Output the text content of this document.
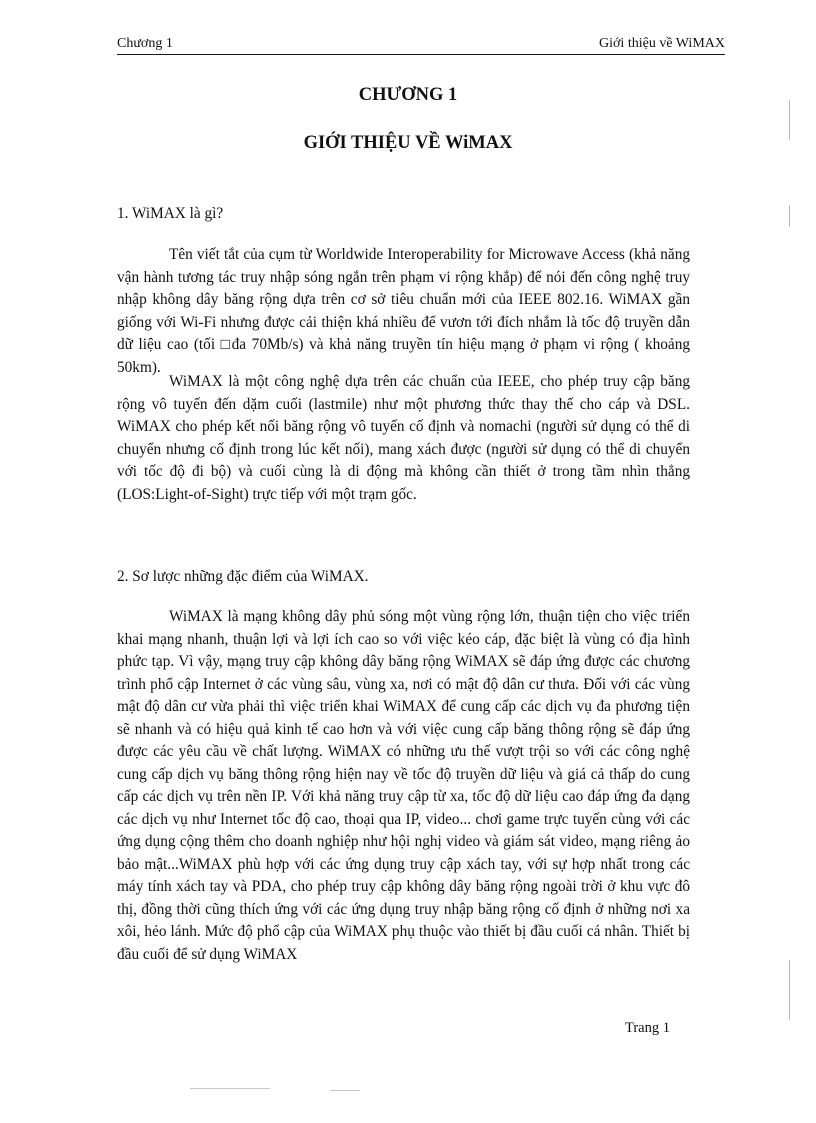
Chương 1	Giới thiệu về WiMAX
CHƯƠNG 1
GIỚI THIỆU VỀ WiMAX
1. WiMAX là gì?
Tên viết tắt của cụm từ Worldwide Interoperability for Microwave Access (khả năng vận hành tương tác truy nhập sóng ngắn trên phạm vi rộng khắp) để nói đến công nghệ truy nhập không dây băng rộng dựa trên cơ sở tiêu chuẩn mới của IEEE 802.16. WiMAX gần giống với Wi-Fi nhưng được cải thiện khá nhiều để vươn tới đích nhắm là tốc độ truyền dẫn dữ liệu cao (tối □đa 70Mb/s) và khả năng truyền tín hiệu mạng ở phạm vi rộng ( khoảng 50km).
WiMAX là một công nghệ dựa trên các chuẩn của IEEE, cho phép truy cập băng rộng vô tuyến đến dặm cuối (lastmile) như một phương thức thay thế cho cáp và DSL. WiMAX cho phép kết nối băng rộng vô tuyến cố định và nomachi (người sử dụng có thể di chuyển nhưng cố định trong lúc kết nối), mang xách được (người sử dụng có thể di chuyển với tốc độ đi bộ) và cuối cùng là di động mà không cần thiết ở trong tầm nhìn thẳng (LOS:Light-of-Sight) trực tiếp với một trạm gốc.
2. Sơ lược những đặc điểm của WiMAX.
WiMAX là mạng không dây phủ sóng một vùng rộng lớn, thuận tiện cho việc triển khai mạng nhanh, thuận lợi và lợi ích cao so với việc kéo cáp, đặc biệt là vùng có địa hình phức tạp. Vì vậy, mạng truy cập không dây băng rộng WiMAX sẽ đáp ứng được các chương trình phổ cập Internet ở các vùng sâu, vùng xa, nơi có mật độ dân cư thưa. Đối với các vùng mật độ dân cư vừa phải thì việc triển khai WiMAX để cung cấp các dịch vụ đa phương tiện sẽ nhanh và có hiệu quả kinh tế cao hơn và với việc cung cấp băng thông rộng sẽ đáp ứng được các yêu cầu về chất lượng. WiMAX có những ưu thế vượt trội so với các công nghệ cung cấp dịch vụ băng thông rộng hiện nay về tốc độ truyền dữ liệu và giá cả thấp do cung cấp các dịch vụ trên nền IP. Với khả năng truy cập từ xa, tốc độ dữ liệu cao đáp ứng đa dạng các dịch vụ như Internet tốc độ cao, thoại qua IP, video... chơi game trực tuyến cùng với các ứng dụng cộng thêm cho doanh nghiệp như hội nghị video và giám sát video, mạng riêng ảo bảo mật...WiMAX phù hợp với các ứng dụng truy cập xách tay, với sự hợp nhất trong các máy tính xách tay và PDA, cho phép truy cập không dây băng rộng ngoài trời ở khu vực đô thị, đồng thời cũng thích ứng với các ứng dụng truy nhập băng rộng cố định ở những nơi xa xôi, hẻo lánh. Mức độ phổ cập của WiMAX phụ thuộc vào thiết bị đầu cuối cá nhân. Thiết bị đầu cuối để sử dụng WiMAX
Trang 1
